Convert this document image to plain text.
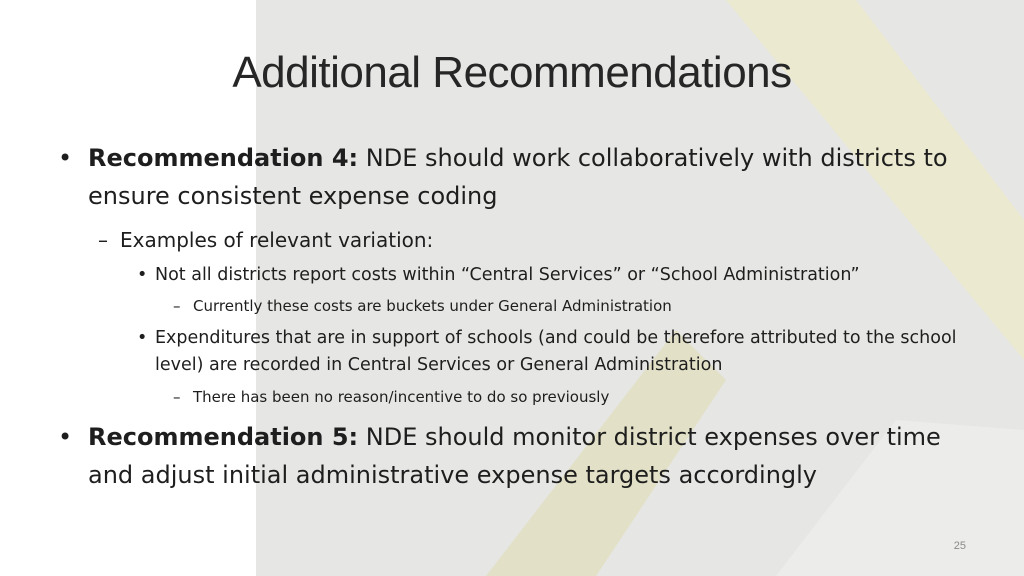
Additional Recommendations
• Recommendation 4: NDE should work collaboratively with districts to ensure consistent expense coding
– Examples of relevant variation:
• Not all districts report costs within “Central Services” or “School Administration”
– Currently these costs are buckets under General Administration
• Expenditures that are in support of schools (and could be therefore attributed to the school level) are recorded in Central Services or General Administration
– There has been no reason/incentive to do so previously
• Recommendation 5: NDE should monitor district expenses over time and adjust initial administrative expense targets accordingly
25
